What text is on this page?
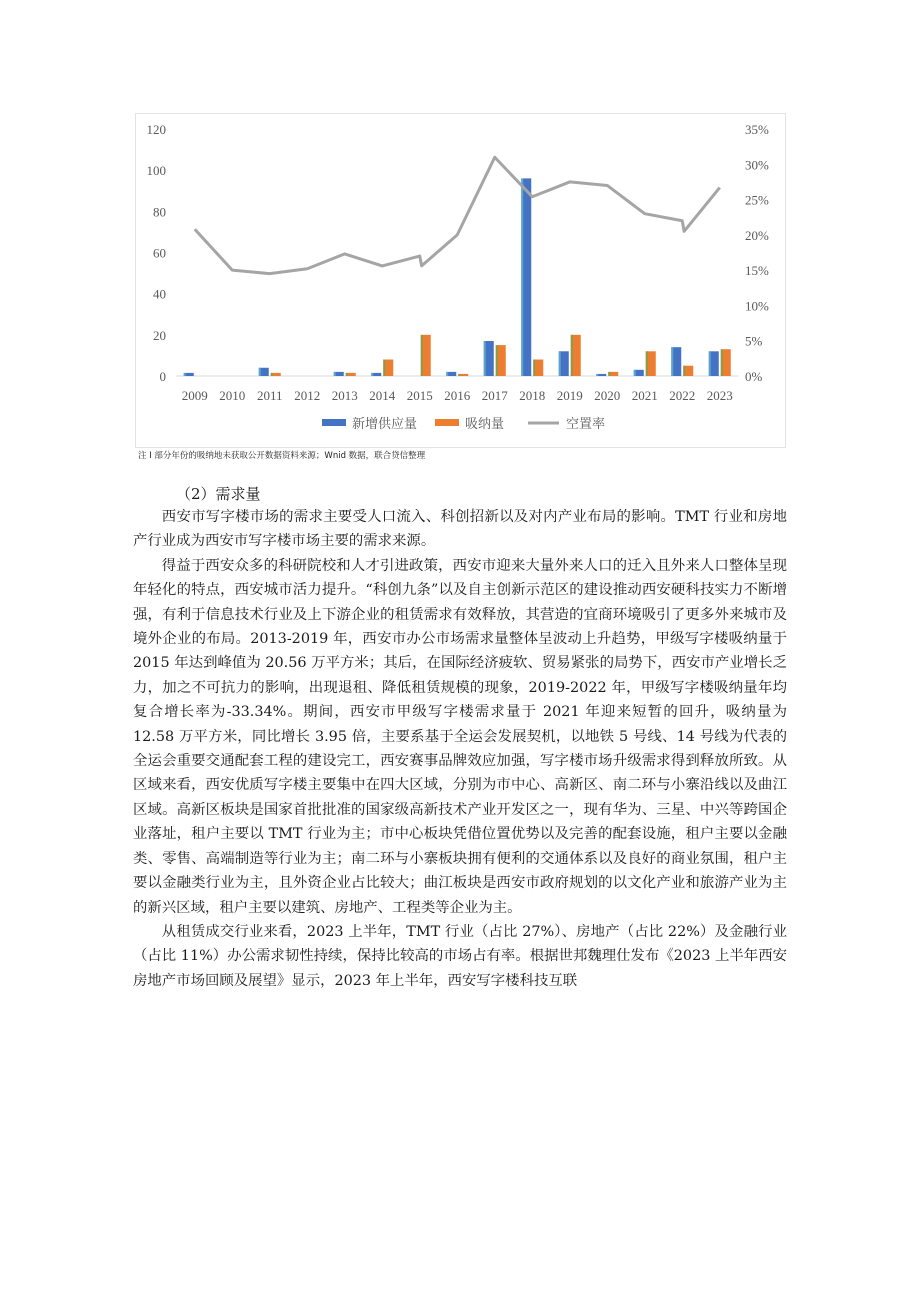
0
20
40
60
80
100
120
0%
5%
10%
15%
20%
25%
30%
35%
2009 2010 2011 2012 2013 2014 2015 2016 2017 2018 2019 2020 2021 2022 2023
新增供应量	吸纳量	空置率
注 I 部分年份的吸纳地未获取公开数据资料来源；Wnid 数据，联合贷信整理
（2）需求量

西安市写字楼市场的需求主要受人口流入、科创招新以及对内产业布局的影响。TMT 行业和房地产行业成为西安市写字楼市场主要的需求来源。

得益于西安众多的科研院校和人才引进政策，西安市迎来大量外来人口的迁入且外来人口整体呈现年轻化的特点，西安城市活力提升。“科创九条”以及自主创新示范区的建设推动西安硬科技实力不断增强，有利于信息技术行业及上下游企业的租赁需求有效释放，其营造的宜商环境吸引了更多外来城市及境外企业的布局。2013-2019 年，西安市办公市场需求量整体呈波动上升趋势，甲级写字楼吸纳量于 2015 年达到峰值为 20.56 万平方米；其后，在国际经济疲软、贸易紧张的局势下，西安市产业增长乏力，加之不可抗力的影响，出现退租、降低租赁规模的现象，2019-2022 年，甲级写字楼吸纳量年均复合增长率为-33.34%。期间，西安市甲级写字楼需求量于 2021 年迎来短暂的回升，吸纳量为 12.58 万平方米，同比增长 3.95 倍，主要系基于全运会发展契机，以地铁 5 号线、14 号线为代表的全运会重要交通配套工程的建设完工，西安赛事品牌效应加强，写字楼市场升级需求得到释放所致。从区域来看，西安优质写字楼主要集中在四大区域，分别为市中心、高新区、南二环与小寨沿线以及曲江区域。高新区板块是国家首批批准的国家级高新技术产业开发区之一，现有华为、三星、中兴等跨国企业落址，租户主要以 TMT 行业为主；市中心板块凭借位置优势以及完善的配套设施，租户主要以金融类、零售、高端制造等行业为主；南二环与小寨板块拥有便利的交通体系以及良好的商业氛围，租户主要以金融类行业为主，且外资企业占比较大；曲江板块是西安市政府规划的以文化产业和旅游产业为主的新兴区域，租户主要以建筑、房地产、工程类等企业为主。

从租赁成交行业来看，2023 上半年，TMT 行业（占比 27%）、房地产（占比 22%）及金融行业（占比 11%）办公需求韧性持续，保持比较高的市场占有率。根据世邦魏理仕发布《2023 上半年西安房地产市场回顾及展望》显示，2023 年上半年，西安写字楼科技互联
